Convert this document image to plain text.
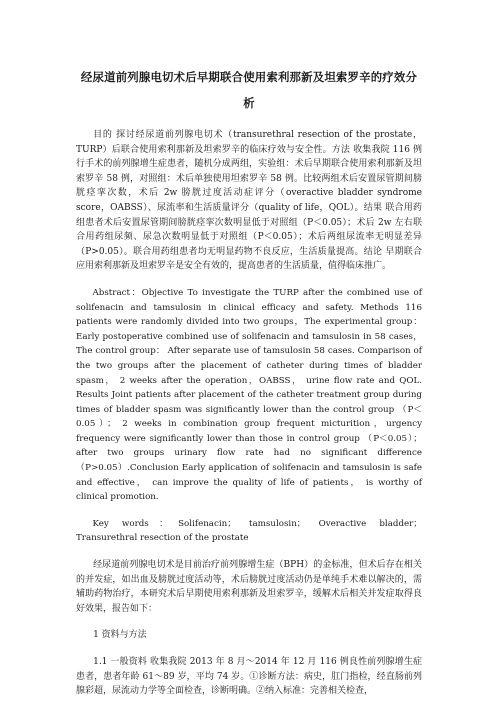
经尿道前列腺电切术后早期联合使用索利那新及坦索罗辛的疗效分析

目的 探讨经尿道前列腺电切术（transurethral resection of the prostate，TURP）后联合使用索利那新及坦索罗辛的临床疗效与安全性。方法 收集我院 116 例行手术的前列腺增生症患者，随机分成两组，实验组：术后早期联合使用索利那新及坦索罗辛 58 例，对照组：术后单独使用坦索罗辛 58 例。比较两组术后安置尿管期间膀胱痉挛次数，术后 2w 膀胱过度活动症评分（overactive bladder syndrome score，OABSS）、尿流率和生活质量评分（quality of life，QOL）。结果 联合用药组患者术后安置尿管期间膀胱痉挛次数明显低于对照组（P＜0.05）；术后 2w 左右联合用药组尿频、尿急次数明显低于对照组（P＜0.05）；术后两组尿流率无明显差异（P>0.05）。联合用药组患者均无明显药物不良反应，生活质量提高。结论 早期联合应用索利那新及坦索罗辛是安全有效的，提高患者的生活质量，值得临床推广。

Abstract：Objective To investigate the TURP after the combined use of solifenacin and tamsulosin in clinical efficacy and safety. Methods 116 patients were randomly divided into two groups，The experimental group： Early postoperative combined use of solifenacin and tamsulosin in 58 cases，The control group： After separate use of tamsulosin 58 cases. Comparison of the two groups after the placement of catheter during times of bladder spasm， 2 weeks after the operation，OABSS， urine flow rate and QOL. Results Joint patients after placement of the catheter treatment group during times of bladder spasm was significantly lower than the control group （P＜0.05）； 2 weeks in combination group frequent micturition，urgency frequency were significantly lower than those in control group （P＜0.05）；after two groups urinary flow rate had no significant difference （P>0.05）.Conclusion Early application of solifenacin and tamsulosin is safe and effective， can improve the quality of life of patients， is worthy of clinical promotion.

Key words：Solifenacin； tamsulosin； Overactive bladder； Transurethral resection of the prostate

经尿道前列腺电切术是目前治疗前列腺增生症（BPH）的金标准，但术后存在相关的并发症，如出血及膀胱过度活动等，术后膀胱过度活动仍是单纯手术难以解决的，需辅助药物治疗，本研究术后早期使用索利那新及坦索罗辛，缓解术后相关并发症取得良好效果，报告如下：

1 资料与方法

1.1 一般资料 收集我院 2013 年 8 月～2014 年 12 月 116 例良性前列腺增生症患者，患者年龄 61～89 岁，平均 74 岁。①诊断方法：病史，肛门指检，经直肠前列腺彩超，尿流动力学等全面检查，诊断明确。②纳入标准：完善相关检查，
